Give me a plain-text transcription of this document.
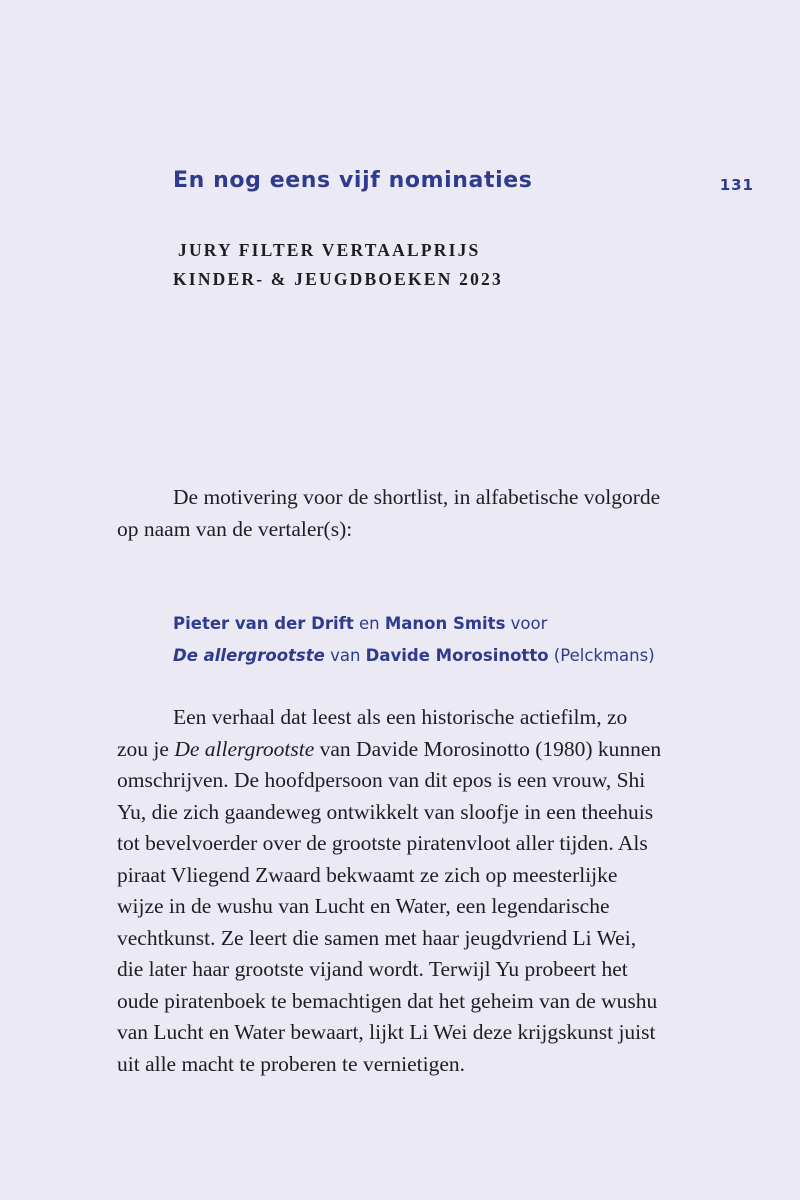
En nog eens vijf nominaties	131
JURY FILTER VERTAALPRIJS
KINDER- & JEUGDBOEKEN 2023
De motivering voor de shortlist, in alfabetische volgorde
op naam van de vertaler(s):
Pieter van der Drift en Manon Smits voor
De allergrootste van Davide Morosinotto (Pelckmans)
Een verhaal dat leest als een historische actiefilm, zo
zou je De allergrootste van Davide Morosinotto (1980) kunnen
omschrijven. De hoofdpersoon van dit epos is een vrouw, Shi
Yu, die zich gaandeweg ontwikkelt van sloofje in een theehuis
tot bevelvoerder over de grootste piratenvloot aller tijden. Als
piraat Vliegend Zwaard bekwaamt ze zich op meesterlijke
wijze in de wushu van Lucht en Water, een legendarische
vechtkunst. Ze leert die samen met haar jeugdvriend Li Wei,
die later haar grootste vijand wordt. Terwijl Yu probeert het
oude piratenboek te bemachtigen dat het geheim van de wushu
van Lucht en Water bewaart, lijkt Li Wei deze krijgskunst juist
uit alle macht te proberen te vernietigen.
